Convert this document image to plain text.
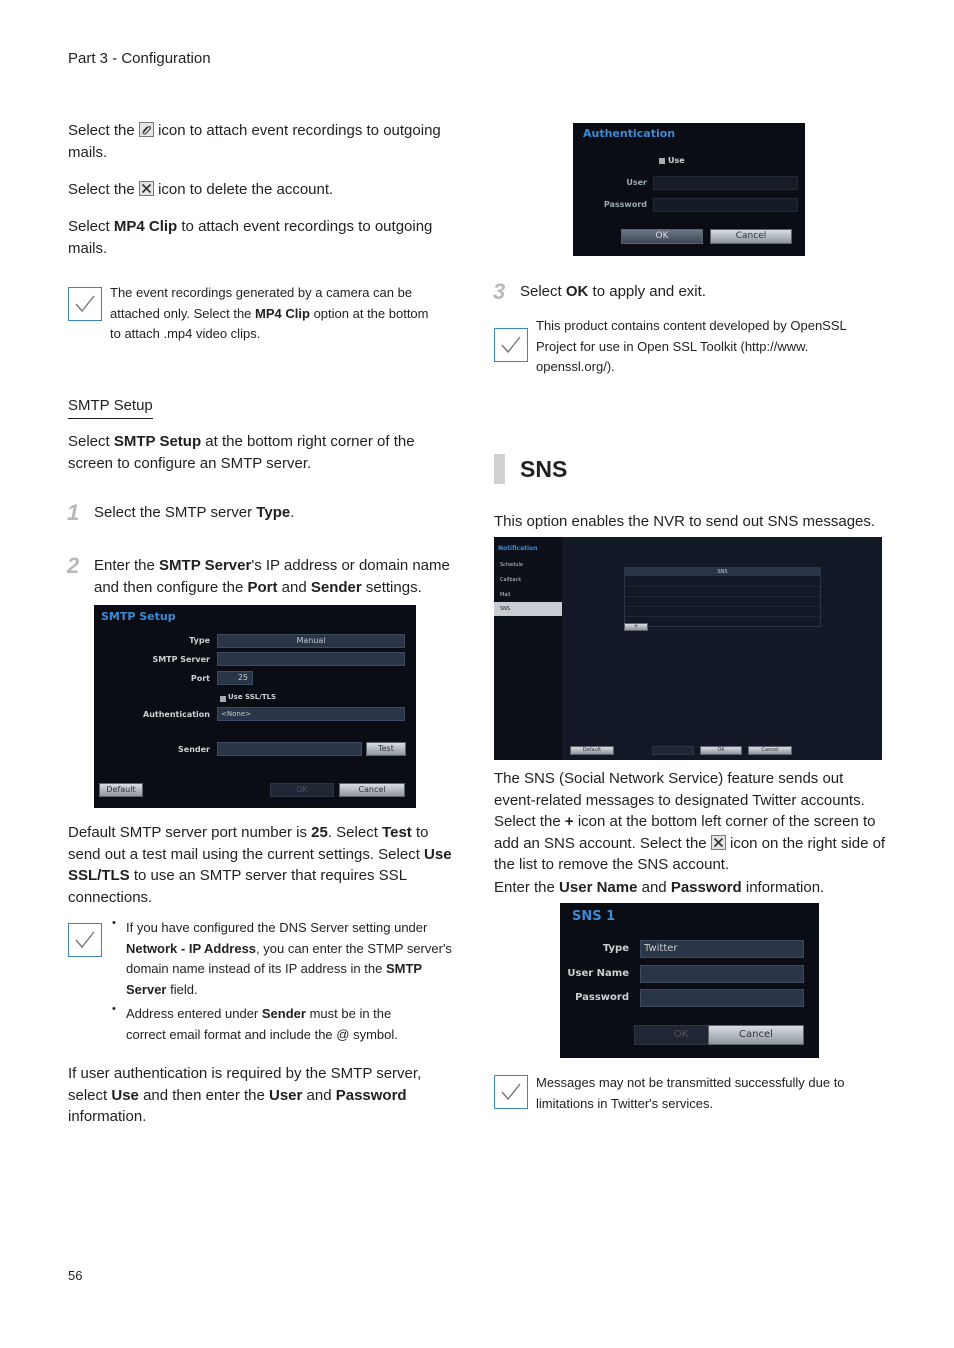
Part 3 - Configuration

Select the icon to attach event recordings to outgoing mails.

Select the icon to delete the account.

Select MP4 Clip to attach event recordings to outgoing mails.

The event recordings generated by a camera can be attached only. Select the MP4 Clip option at the bottom to attach .mp4 video clips.

SMTP Setup

Select SMTP Setup at the bottom right corner of the screen to configure an SMTP server.

1 Select the SMTP server Type.

2 Enter the SMTP Server's IP address or domain name and then configure the Port and Sender settings.

SMTP Setup
Type	Manual
SMTP Server
Port	25
Use SSL/TLS
Authentication	<None>
Sender	Test
Default	OK	Cancel

Default SMTP server port number is 25. Select Test to send out a test mail using the current settings. Select Use SSL/TLS to use an SMTP server that requires SSL connections.

• If you have configured the DNS Server setting under Network - IP Address, you can enter the STMP server's domain name instead of its IP address in the SMTP Server field.

• Address entered under Sender must be in the correct email format and include the @ symbol.

If user authentication is required by the SMTP server, select Use and then enter the User and Password information.

56
Authentication
Use
User
Password
OK	Cancel
3 Select OK to apply and exit.

This product contains content developed by OpenSSL Project for use in Open SSL Toolkit (http://www. openssl.org/).

SNS

This option enables the NVR to send out SNS messages.

Notification
Schedule
Callback
Mail
SNS
SNS
+
Default	OK	Cancel

The SNS (Social Network Service) feature sends out event-related messages to designated Twitter accounts. Select the + icon at the bottom left corner of the screen to add an SNS account. Select the icon on the right side of the list to remove the SNS account.

Enter the User Name and Password information.

SNS 1
Type	Twitter
User Name
Password
OK	Cancel

Messages may not be transmitted successfully due to limitations in Twitter's services.
